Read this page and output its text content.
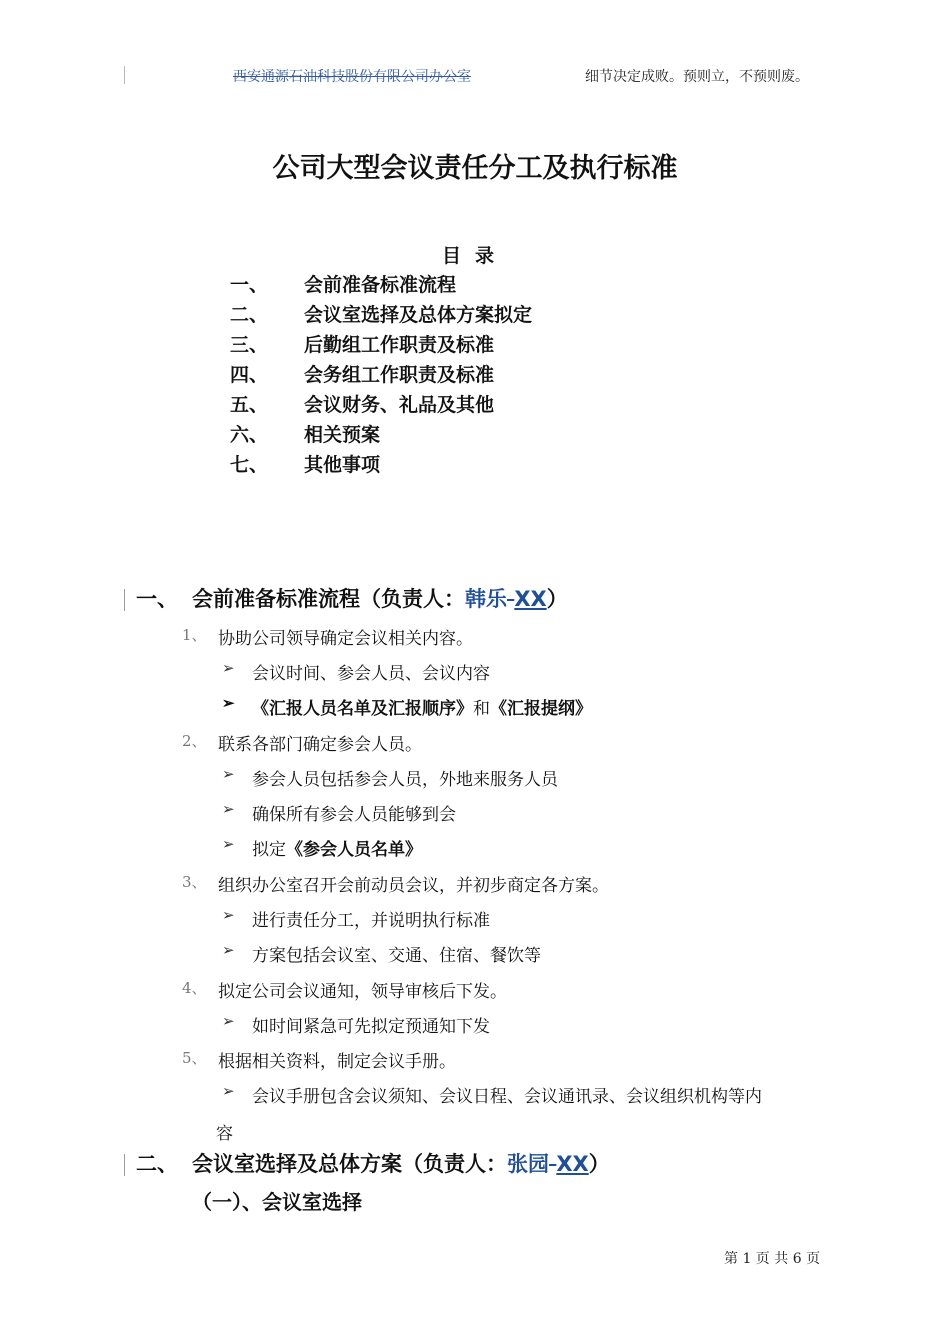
西安通源石油科技股份有限公司办公室	细节决定成败。预则立，不预则废。
公司大型会议责任分工及执行标准
目录
一、 会前准备标准流程
二、 会议室选择及总体方案拟定
三、 后勤组工作职责及标准
四、 会务组工作职责及标准
五、 会议财务、礼品及其他
六、 相关预案
七、 其他事项
一、 会前准备标准流程（负责人：韩乐 XX）
1、 协助公司领导确定会议相关内容。
➢ 会议时间、参会人员、会议内容
➢ 《汇报人员名单及汇报顺序》和《汇报提纲》
2、 联系各部门确定参会人员。
➢ 参会人员包括参会人员，外地来服务人员
➢ 确保所有参会人员能够到会
➢ 拟定《参会人员名单》
3、 组织办公室召开会前动员会议，并初步商定各方案。
➢ 进行责任分工，并说明执行标准
➢ 方案包括会议室、交通、住宿、餐饮等
4、 拟定公司会议通知，领导审核后下发。
➢ 如时间紧急可先拟定预通知下发
5、 根据相关资料，制定会议手册。
➢ 会议手册包含会议须知、会议日程、会议通讯录、会议组织机构等内
容
二、 会议室选择及总体方案（负责人：张园 XX）
（一）、会议室选择
第 1 页 共 6 页
